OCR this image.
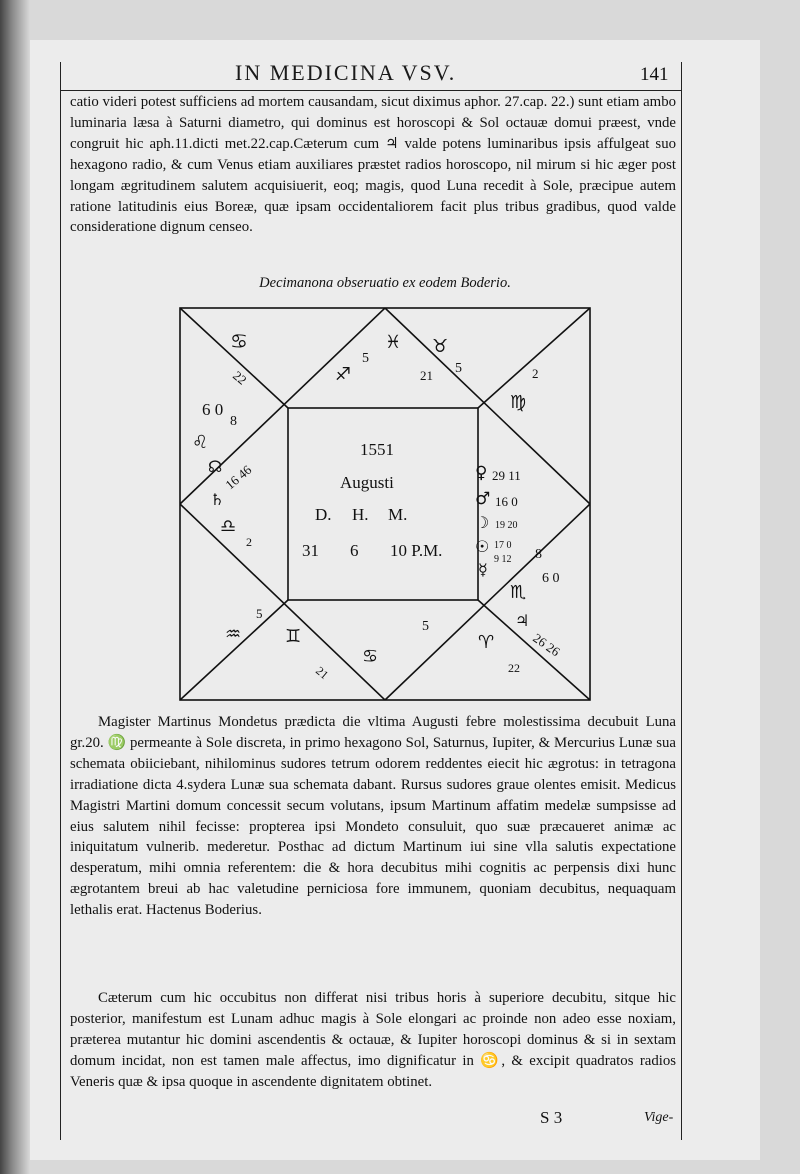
IN MEDICINA VSV.	141
catio videri potest sufficiens ad mortem causandam, sicut diximus aphor. 27.cap. 22.) sunt etiam ambo luminaria læsa à Saturni diametro, qui dominus est horoscopi & Sol octauæ domui præest, vnde congruit hic aph.11.dicti met.22.cap.Cæterum cum ♃ valde potens luminaribus ipsis affulgeat suo hexagono radio, & cum Venus etiam auxiliares præstet radios horoscopo, nil mirum si hic æger post longam ægritudinem salutem acquisiuerit, eoq; magis, quod Luna recedit à Sole, præcipue autem ratione latitudinis eius Boreæ, quæ ipsam occidentaliorem facit plus tribus gradibus, quod valde consideratione dignum censeo.
Decimanona obseruatio ex eodem Boderio.
1551
Augusti
D. H. M.
31 6 10 P.M.
♋
22
6 0
♌
☊
8
♄
16 46
♎
2
♐
5
♓
21
♉
5
♍
2
♀ 29 11
♂ 16 0
☽ 19 20
☉ 17 0
☿
9 12 8
6 0
♏
♃
26 26
♈
22
5
♋
21
♊
♒
5
Magister Martinus Mondetus prædicta die vltima Augusti febre molestissima decubuit Luna gr.20. ♍ permeante à Sole discreta, in primo hexagono Sol, Saturnus, Iupiter, & Mercurius Lunæ sua schemata obiiciebant, nihilominus sudores tetrum odorem reddentes eiecit hic ægrotus: in tetragona irradiatione dicta 4.sydera Lunæ sua schemata dabant. Rursus sudores graue olentes emisit. Medicus Magistri Martini domum concessit secum volutans, ipsum Martinum affatim medelæ sumpsisse ad eius salutem nihil fecisse: propterea ipsi Mondeto consuluit, quo suæ præcaueret animæ ac iniquitatum vulnerib. mederetur. Posthac ad dictum Martinum iui sine vlla salutis expectatione desperatum, mihi omnia referentem: die & hora decubitus mihi cognitis ac perpensis dixi hunc ægrotantem breui ab hac valetudine perniciosa fore immunem, quoniam decubitus, nequaquam lethalis erat. Hactenus Boderius.
Cæterum cum hic occubitus non differat nisi tribus horis à superiore decubitu, sitque hic posterior, manifestum est Lunam adhuc magis à Sole elongari ac proinde non adeo esse noxiam, præterea mutantur hic domini ascendentis & octauæ, & Iupiter horoscopi dominus & si in sextam domum incidat, non est tamen male affectus, imo dignificatur in ♋, & excipit quadratos radios Veneris quæ & ipsa quoque in ascendente dignitatem obtinet.
S 3	Vige-
